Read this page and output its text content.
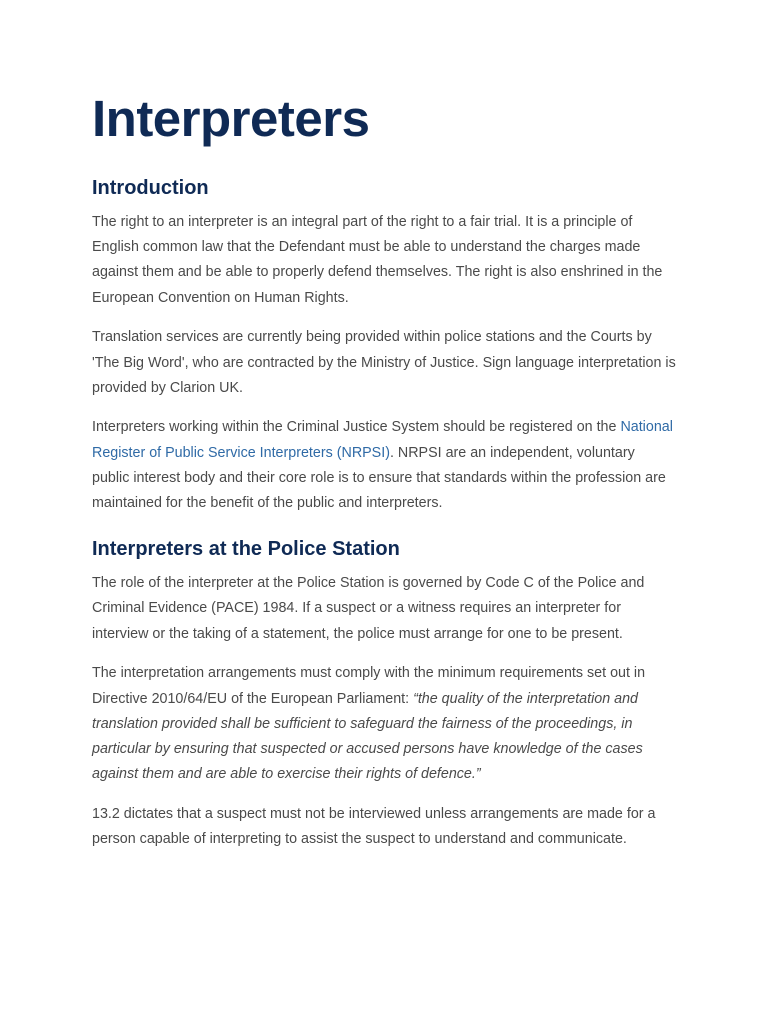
Interpreters
Introduction

The right to an interpreter is an integral part of the right to a fair trial. It is a principle of English common law that the Defendant must be able to understand the charges made against them and be able to properly defend themselves. The right is also enshrined in the European Convention on Human Rights.

Translation services are currently being provided within police stations and the Courts by 'The Big Word', who are contracted by the Ministry of Justice. Sign language interpretation is provided by Clarion UK.

Interpreters working within the Criminal Justice System should be registered on the National Register of Public Service Interpreters (NRPSI). NRPSI are an independent, voluntary public interest body and their core role is to ensure that standards within the profession are maintained for the benefit of the public and interpreters.

Interpreters at the Police Station

The role of the interpreter at the Police Station is governed by Code C of the Police and Criminal Evidence (PACE) 1984. If a suspect or a witness requires an interpreter for interview or the taking of a statement, the police must arrange for one to be present.

The interpretation arrangements must comply with the minimum requirements set out in Directive 2010/64/EU of the European Parliament: “the quality of the interpretation and translation provided shall be sufficient to safeguard the fairness of the proceedings, in particular by ensuring that suspected or accused persons have knowledge of the cases against them and are able to exercise their rights of defence.”

13.2 dictates that a suspect must not be interviewed unless arrangements are made for a person capable of interpreting to assist the suspect to understand and communicate.
